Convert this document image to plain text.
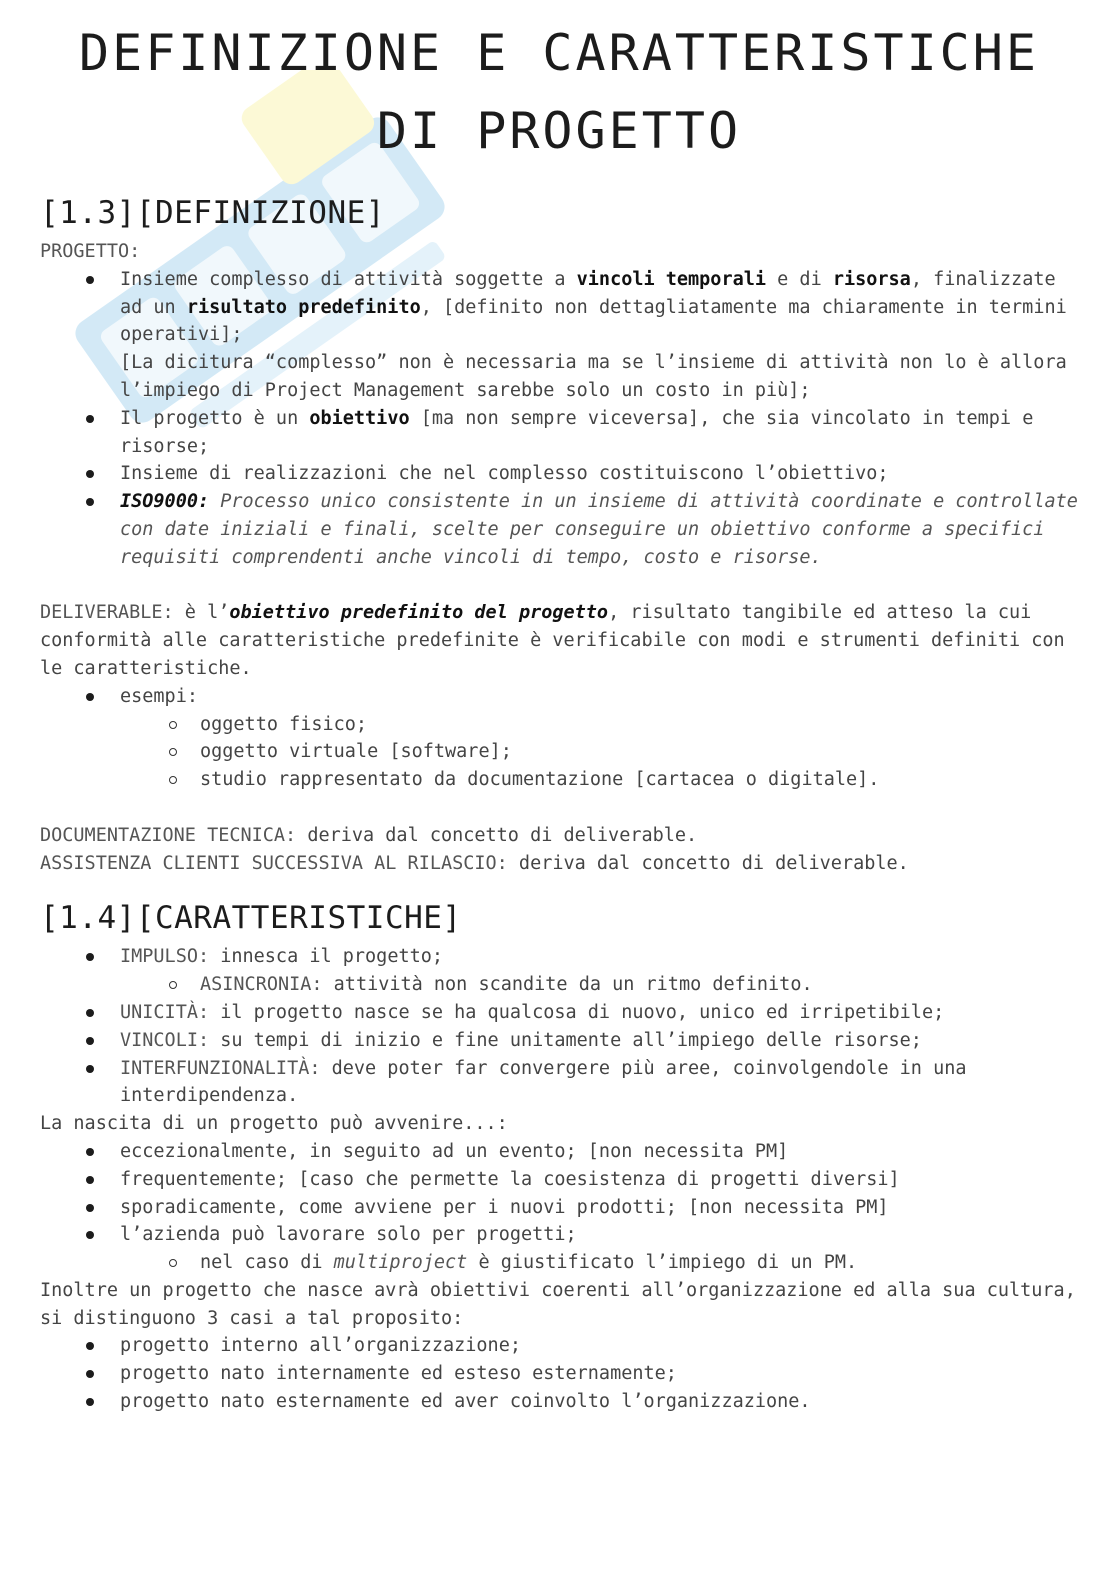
DEFINIZIONE E CARATTERISTICHE
DI PROGETTO
[1.3][DEFINIZIONE]

PROGETTO:

Insieme complesso di attività soggette a vincoli temporali e di risorsa, finalizzate ad un risultato predefinito, [definito non dettagliatamente ma chiaramente in termini operativi];
[La dicitura “complesso” non è necessaria ma se l’insieme di attività non lo è allora l’impiego di Project Management sarebbe solo un costo in più];
Il progetto è un obiettivo [ma non sempre viceversa], che sia vincolato in tempi e risorse;
Insieme di realizzazioni che nel complesso costituiscono l’obiettivo;
ISO9000: Processo unico consistente in un insieme di attività coordinate e controllate con date iniziali e finali, scelte per conseguire un obiettivo conforme a specifici requisiti comprendenti anche vincoli di tempo, costo e risorse.

DELIVERABLE: è l’obiettivo predefinito del progetto, risultato tangibile ed atteso la cui conformità alle caratteristiche predefinite è verificabile con modi e strumenti definiti con le caratteristiche.

esempi:
oggetto fisico;
oggetto virtuale [software];
studio rappresentato da documentazione [cartacea o digitale].

DOCUMENTAZIONE TECNICA: deriva dal concetto di deliverable.

ASSISTENZA CLIENTI SUCCESSIVA AL RILASCIO: deriva dal concetto di deliverable.

[1.4][CARATTERISTICHE]
IMPULSO: innesca il progetto;
ASINCRONIA: attività non scandite da un ritmo definito.
UNICITÀ: il progetto nasce se ha qualcosa di nuovo, unico ed irripetibile;
VINCOLI: su tempi di inizio e fine unitamente all’impiego delle risorse;
INTERFUNZIONALITÀ: deve poter far convergere più aree, coinvolgendole in una interdipendenza.

La nascita di un progetto può avvenire...:

eccezionalmente, in seguito ad un evento; [non necessita PM]
frequentemente; [caso che permette la coesistenza di progetti diversi]
sporadicamente, come avviene per i nuovi prodotti; [non necessita PM]
l’azienda può lavorare solo per progetti;
nel caso di multiproject è giustificato l’impiego di un PM.

Inoltre un progetto che nasce avrà obiettivi coerenti all’organizzazione ed alla sua cultura, si distinguono 3 casi a tal proposito:

progetto interno all’organizzazione;
progetto nato internamente ed esteso esternamente;
progetto nato esternamente ed aver coinvolto l’organizzazione.
